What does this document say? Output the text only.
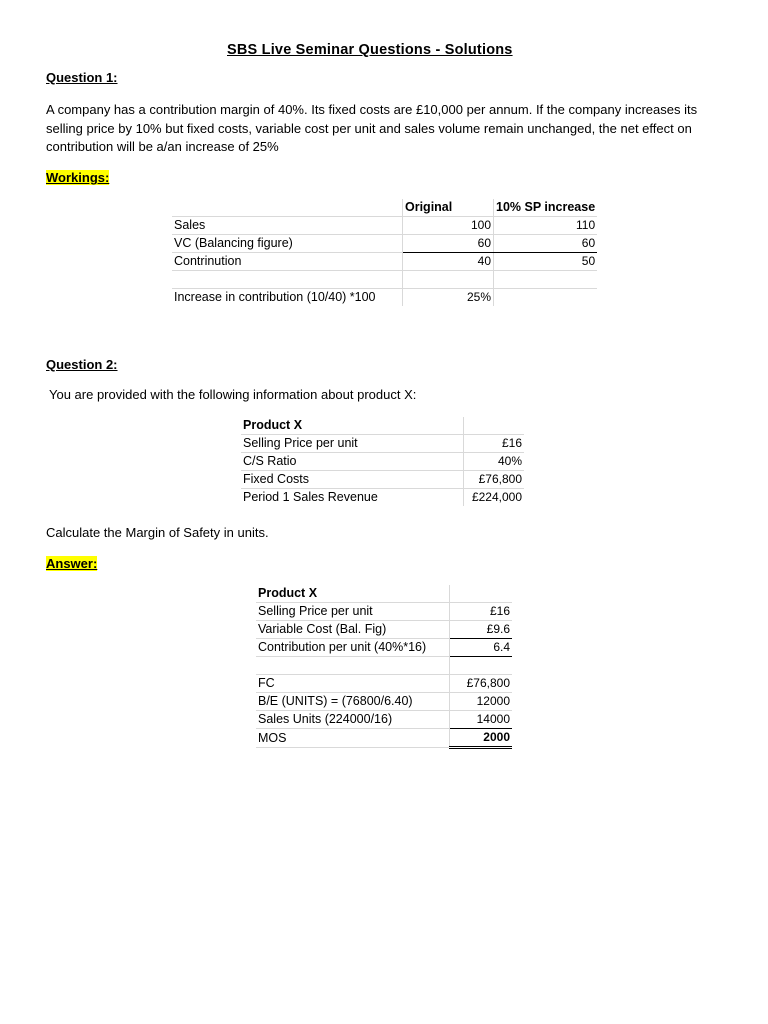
SBS Live Seminar Questions - Solutions
Question 1:
A company has a contribution margin of 40%. Its fixed costs are £10,000 per annum. If the company increases its selling price by 10% but fixed costs, variable cost per unit and sales volume remain unchanged, the net effect on contribution will be a/an increase of 25%
Workings:
	Original	10% SP increase
Sales	100	110
VC (Balancing figure)	60	60
Contrinution	40	50

Increase in contribution (10/40) *100	25%	
Question 2:
You are provided with the following information about product X:
Product X	
Selling Price per unit	£16
C/S Ratio	40%
Fixed Costs	£76,800
Period 1 Sales Revenue	£224,000
Calculate the Margin of Safety in units.
Answer:
Product X	
Selling Price per unit	£16
Variable Cost (Bal. Fig)	£9.6
Contribution per unit (40%*16)	6.4

FC	£76,800
B/E (UNITS) = (76800/6.40)	12000
Sales Units (224000/16)	14000
MOS	2000
